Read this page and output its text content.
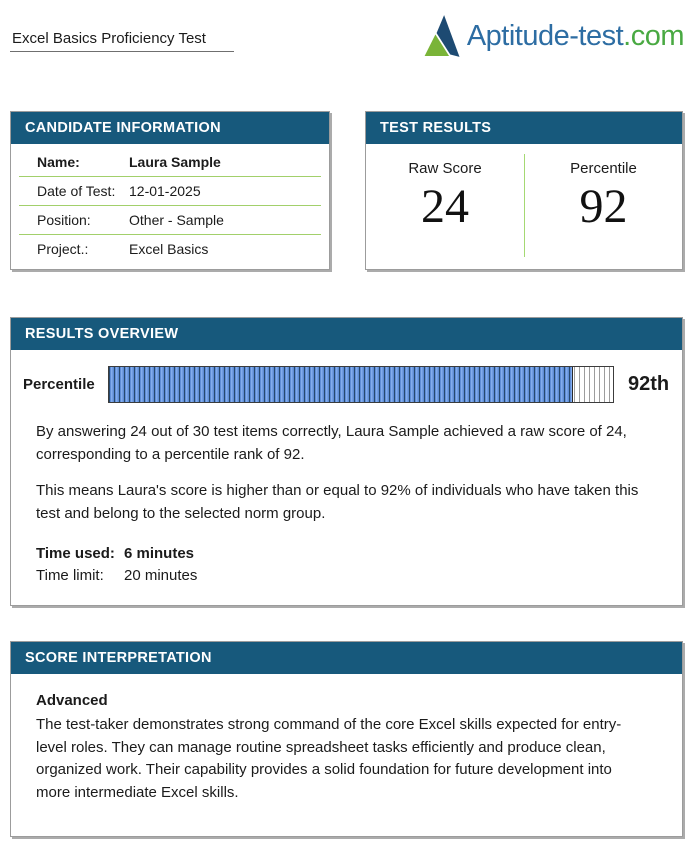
Excel Basics Proficiency Test	Aptitude-test.com
CANDIDATE INFORMATION
Name:	Laura Sample
Date of Test: 12-01-2025
Position:	Other - Sample
Project.:	Excel Basics
TEST RESULTS
Raw Score
24
Percentile
92
RESULTS OVERVIEW
Percentile	92th

By answering 24 out of 30 test items correctly, Laura Sample achieved a raw score of 24, corresponding to a percentile rank of 92.

This means Laura's score is higher than or equal to 92% of individuals who have taken this test and belong to the selected norm group.

Time used: 6 minutes
Time limit:	20 minutes
SCORE INTERPRETATION
Advanced
The test-taker demonstrates strong command of the core Excel skills expected for entry-level roles. They can manage routine spreadsheet tasks efficiently and produce clean, organized work. Their capability provides a solid foundation for future development into more intermediate Excel skills.
